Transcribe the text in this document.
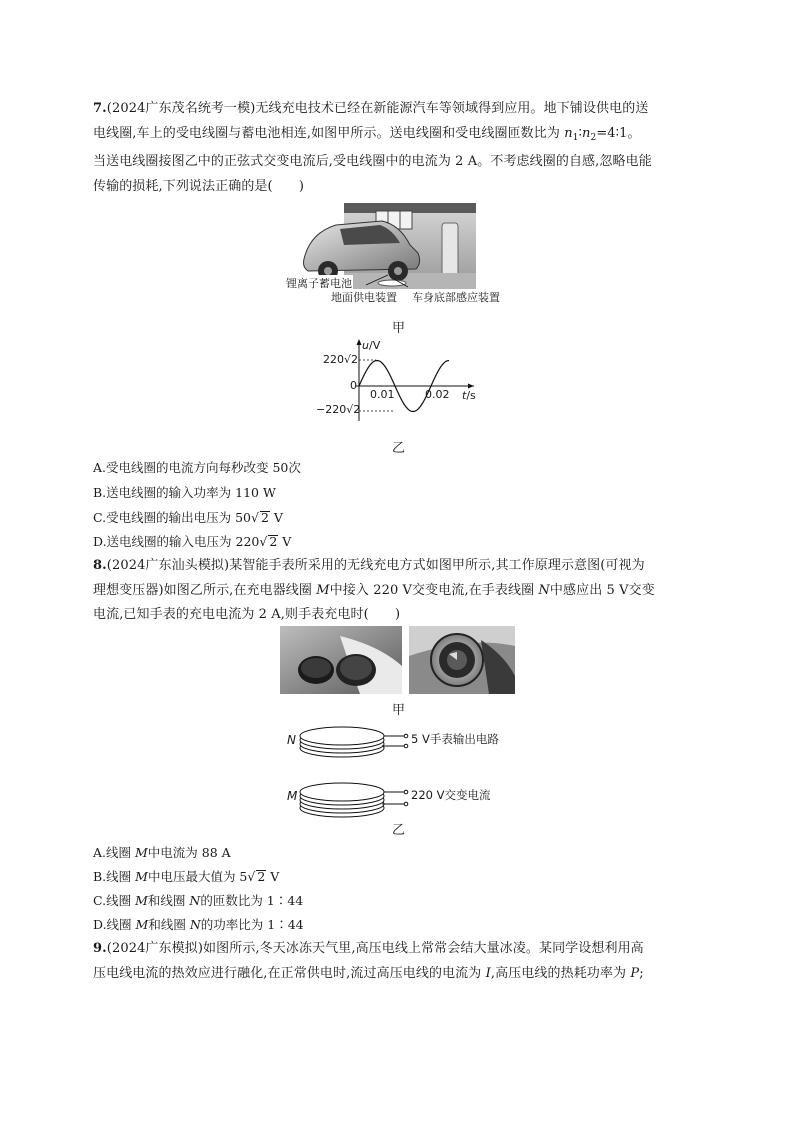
7.(2024广东茂名统考一模)无线充电技术已经在新能源汽车等领域得到应用。地下铺设供电的送
电线圈,车上的受电线圈与蓄电池相连,如图甲所示。送电线圈和受电线圈匝数比为 $n_1∶n_2=4∶1$。
当送电线圈接图乙中的正弦式交变电流后,受电线圈中的电流为 2 A。不考虑线圈的自感,忽略电能
传输的损耗,下列说法正确的是(　　)
锂离子蓄电池
地面供电装置 车身底部感应装置
甲
u/V
220√2
0
−220√2
0.01	0.02 t/s
乙
A.受电线圈的电流方向每秒改变 50次
B.送电线圈的输入功率为 110 W
C.受电线圈的输出电压为 50√ 2 V
D.送电线圈的输入电压为 220√ 2 V
8.(2024广东汕头模拟)某智能手表所采用的无线充电方式如图甲所示,其工作原理示意图(可视为
理想变压器)如图乙所示,在充电器线圈 M中接入 220 V交变电流,在手表线圈 N中感应出 5 V交变
电流,已知手表的充电电流为 2 A,则手表充电时(　　)
甲
N	5 V手表输出电路
M	220 V交变电流
乙
A.线圈 M中电流为 88 A
B.线圈 M中电压最大值为 5√ 2 V
C.线圈 M和线圈 N的匝数比为 1∶44
D.线圈 M和线圈 N的功率比为 1∶44
9.(2024广东模拟)如图所示,冬天冰冻天气里,高压电线上常常会结大量冰凌。某同学设想利用高
压电线电流的热效应进行融化,在正常供电时,流过高压电线的电流为 I,高压电线的热耗功率为 P;
